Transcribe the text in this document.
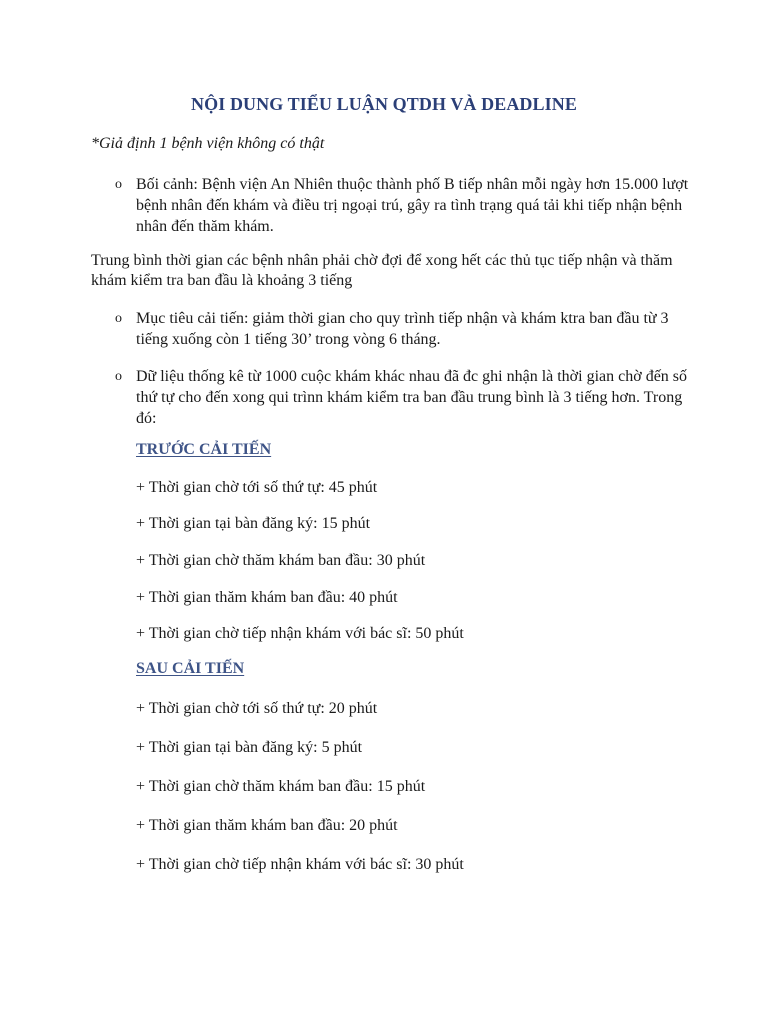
NỘI DUNG TIỂU LUẬN QTDH VÀ DEADLINE
*Giả định 1 bệnh viện không có thật
o Bối cảnh: Bệnh viện An Nhiên thuộc thành phố B tiếp nhân mỗi ngày hơn 15.000 lượt bệnh nhân đến khám và điều trị ngoại trú, gây ra tình trạng quá tải khi tiếp nhận bệnh nhân đến thăm khám.
Trung bình thời gian các bệnh nhân phải chờ đợi để xong hết các thủ tục tiếp nhận và thăm khám kiểm tra ban đầu là khoảng 3 tiếng
o Mục tiêu cải tiến: giảm thời gian cho quy trình tiếp nhận và khám ktra ban đầu từ 3 tiếng xuống còn 1 tiếng 30’ trong vòng 6 tháng.
o Dữ liệu thống kê từ 1000 cuộc khám khác nhau đã đc ghi nhận là thời gian chờ đến số thứ tự cho đến xong qui trìnn khám kiểm tra ban đầu trung bình là 3 tiếng hơn. Trong đó:
TRƯỚC CẢI TIẾN
+ Thời gian chờ tới số thứ tự: 45 phút
+ Thời gian tại bàn đăng ký: 15 phút
+ Thời gian chờ thăm khám ban đầu: 30 phút
+ Thời gian thăm khám ban đầu: 40 phút
+ Thời gian chờ tiếp nhận khám với bác sĩ: 50 phút
SAU CẢI TIẾN
+ Thời gian chờ tới số thứ tự: 20 phút
+ Thời gian tại bàn đăng ký: 5 phút
+ Thời gian chờ thăm khám ban đầu: 15 phút
+ Thời gian thăm khám ban đầu: 20 phút
+ Thời gian chờ tiếp nhận khám với bác sĩ: 30 phút
